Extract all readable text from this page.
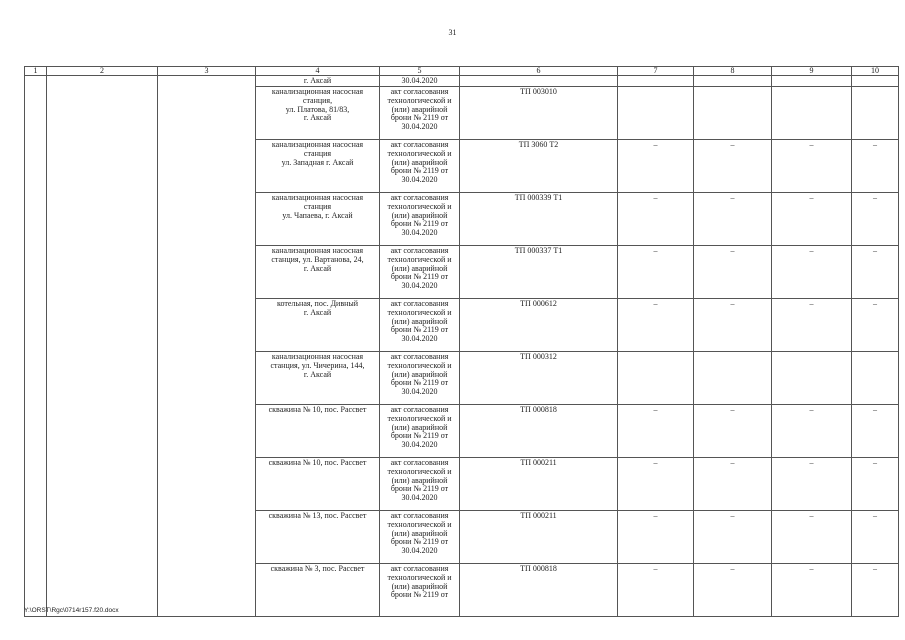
31
1	2	3	4	5	6	7	8	9	10
			г. Аксай	30.04.2020					

			канализационная насосная
станция,
ул. Платова, 81/83,
г. Аксай	акт согласования
технологической и
(или) аварийной
брони № 2119 от
30.04.2020	ТП 003010				

			канализационная насосная
станция
ул. Западная г. Аксай	акт согласования
технологической и
(или) аварийной
брони № 2119 от
30.04.2020	ТП 3060 Т2	–	–	–	–

			канализационная насосная
станция
ул. Чапаева, г. Аксай	акт согласования
технологической и
(или) аварийной
брони № 2119 от
30.04.2020	ТП 000339 Т1	–	–	–	–

			канализационная насосная
станция, ул. Вартанова, 24,
г. Аксай	акт согласования
технологической и
(или) аварийной
брони № 2119 от
30.04.2020	ТП 000337 Т1	–	–	–	–

			котельная, пос. Дивный
г. Аксай	акт согласования
технологической и
(или) аварийной
брони № 2119 от
30.04.2020	ТП 000612	–	–	–	–

			канализационная насосная
станция, ул. Чичерина, 144,
г. Аксай	акт согласования
технологической и
(или) аварийной
брони № 2119 от
30.04.2020	ТП 000312				

			скважина № 10, пос. Рассвет	акт согласования
технологической и
(или) аварийной
брони № 2119 от
30.04.2020	ТП 000818	–	–	–	–

			скважина № 10, пос. Рассвет	акт согласования
технологической и
(или) аварийной
брони № 2119 от
30.04.2020	ТП 000211	–	–	–	–

			скважина № 13, пос. Рассвет	акт согласования
технологической и
(или) аварийной
брони № 2119 от
30.04.2020	ТП 000211	–	–	–	–

			скважина № 3, пос. Рассвет	акт согласования
технологической и
(или) аварийной
брони № 2119 от	ТП 000818	–	–	–	–
Y:\ORST\Rgc\0714r157.f20.docx
